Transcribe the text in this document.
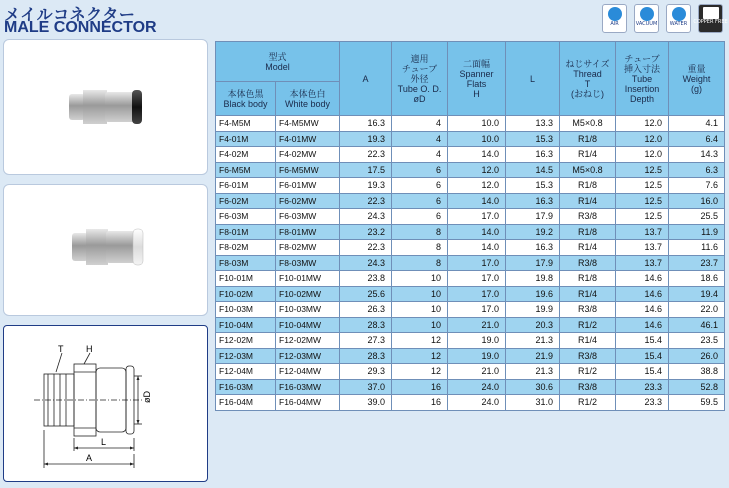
メイルコネクター
MALE CONNECTOR	AIR	VACUUM	WATER COPPER FREE
T	H
øD
L
A
型式
Model		A	適用
チューブ
外径
Tube O. D.
øD	二面幅
Spanner
Flats
H	L	ねじサイズ
Thread
T
(おねじ)	チューブ
挿入寸法
Tube
Insertion
Depth	重量
Weight
(g)
本体色黒
Black body	本体色白
White body							
F4-M5M	F4-M5MW	16.3	4	10.0	13.3	M5×0.8	12.0	4.1
F4-01M	F4-01MW	19.3	4	10.0	15.3	R1/8	12.0	6.4
F4-02M	F4-02MW	22.3	4	14.0	16.3	R1/4	12.0	14.3
F6-M5M	F6-M5MW	17.5	6	12.0	14.5	M5×0.8	12.5	6.3
F6-01M	F6-01MW	19.3	6	12.0	15.3	R1/8	12.5	7.6
F6-02M	F6-02MW	22.3	6	14.0	16.3	R1/4	12.5	16.0
F6-03M	F6-03MW	24.3	6	17.0	17.9	R3/8	12.5	25.5
F8-01M	F8-01MW	23.2	8	14.0	19.2	R1/8	13.7	11.9
F8-02M	F8-02MW	22.3	8	14.0	16.3	R1/4	13.7	11.6
F8-03M	F8-03MW	24.3	8	17.0	17.9	R3/8	13.7	23.7
F10-01M	F10-01MW	23.8	10	17.0	19.8	R1/8	14.6	18.6
F10-02M	F10-02MW	25.6	10	17.0	19.6	R1/4	14.6	19.4
F10-03M	F10-03MW	26.3	10	17.0	19.9	R3/8	14.6	22.0
F10-04M	F10-04MW	28.3	10	21.0	20.3	R1/2	14.6	46.1
F12-02M	F12-02MW	27.3	12	19.0	21.3	R1/4	15.4	23.5
F12-03M	F12-03MW	28.3	12	19.0	21.9	R3/8	15.4	26.0
F12-04M	F12-04MW	29.3	12	21.0	21.3	R1/2	15.4	38.8
F16-03M	F16-03MW	37.0	16	24.0	30.6	R3/8	23.3	52.8
F16-04M	F16-04MW	39.0	16	24.0	31.0	R1/2	23.3	59.5
